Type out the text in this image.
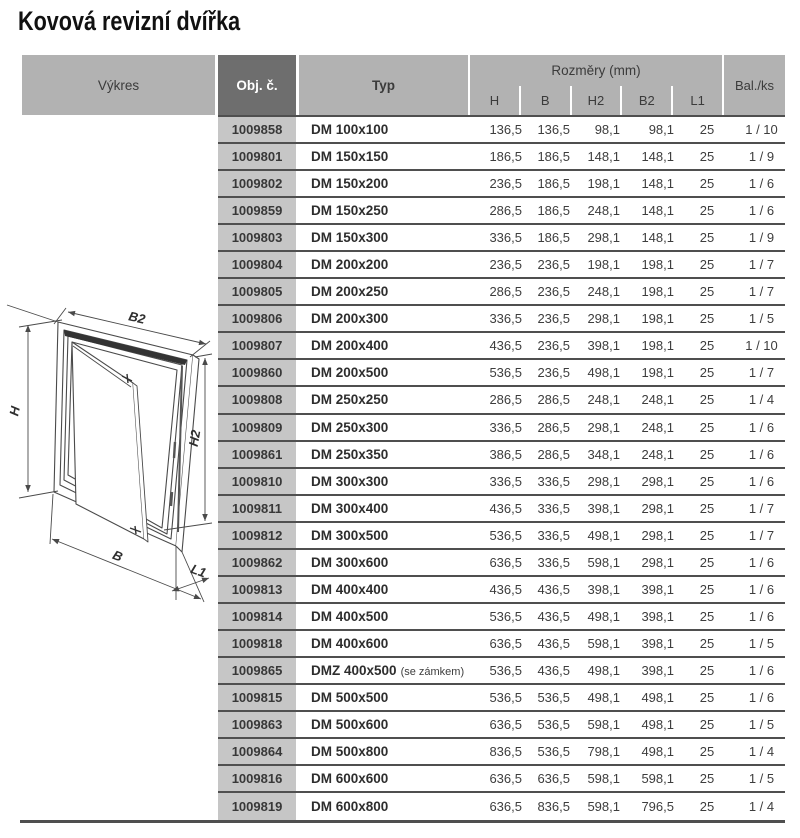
Kovová revizní dvířka
Výkres	Obj. č.	Typ
Rozměry (mm)
H	B	H2	B2	L1
Bal./ks
H
B2
H2
B
L1
1009858	DM 100x100	136,5	136,5	98,1	98,1	25	1 / 10
1009801	DM 150x150	186,5	186,5	148,1	148,1	25	1 / 9
1009802	DM 150x200	236,5	186,5	198,1	148,1	25	1 / 6
1009859	DM 150x250	286,5	186,5	248,1	148,1	25	1 / 6
1009803	DM 150x300	336,5	186,5	298,1	148,1	25	1 / 9
1009804	DM 200x200	236,5	236,5	198,1	198,1	25	1 / 7
1009805	DM 200x250	286,5	236,5	248,1	198,1	25	1 / 7
1009806	DM 200x300	336,5	236,5	298,1	198,1	25	1 / 5
1009807	DM 200x400	436,5	236,5	398,1	198,1	25	1 / 10
1009860	DM 200x500	536,5	236,5	498,1	198,1	25	1 / 7
1009808	DM 250x250	286,5	286,5	248,1	248,1	25	1 / 4
1009809	DM 250x300	336,5	286,5	298,1	248,1	25	1 / 6
1009861	DM 250x350	386,5	286,5	348,1	248,1	25	1 / 6
1009810	DM 300x300	336,5	336,5	298,1	298,1	25	1 / 6
1009811	DM 300x400	436,5	336,5	398,1	298,1	25	1 / 7
1009812	DM 300x500	536,5	336,5	498,1	298,1	25	1 / 7
1009862	DM 300x600	636,5	336,5	598,1	298,1	25	1 / 6
1009813	DM 400x400	436,5	436,5	398,1	398,1	25	1 / 6
1009814	DM 400x500	536,5	436,5	498,1	398,1	25	1 / 6
1009818	DM 400x600	636,5	436,5	598,1	398,1	25	1 / 5
1009865	DMZ 400x500 (se zámkem)	536,5	436,5	498,1	398,1	25	1 / 6
1009815	DM 500x500	536,5	536,5	498,1	498,1	25	1 / 6
1009863	DM 500x600	636,5	536,5	598,1	498,1	25	1 / 5
1009864	DM 500x800	836,5	536,5	798,1	498,1	25	1 / 4
1009816	DM 600x600	636,5	636,5	598,1	598,1	25	1 / 5
1009819	DM 600x800	636,5	836,5	598,1	796,5	25	1 / 4
